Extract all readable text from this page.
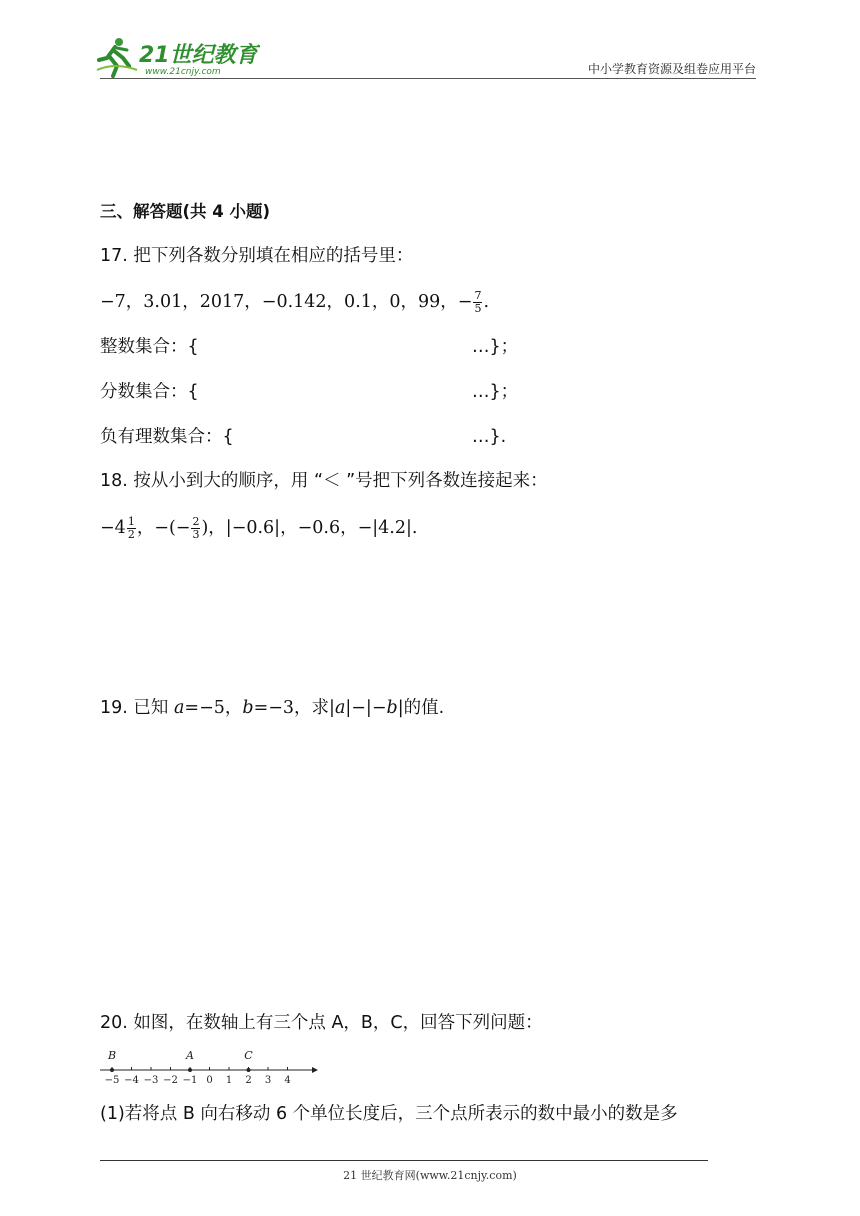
21世纪教育
www.21cnjy.com	中小学教育资源及组卷应用平台
三、解答题(共 4 小题)
17. 把下列各数分别填在相应的括号里：
−7，3.01，2017，−0.142，0.1，0，99，− $\frac{7}{5}$ .
整数集合：{	…}；
分数集合：{	…}；
负有理数集合：{	…}.
18. 按从小到大的顺序，用 “＜ ”号把下列各数连接起来：
$-4 \frac{1}{2}$ ，−(− $\frac{2}{3}$ )，|−0.6|，−0.6，−|4.2|.
19. 已知 a=−5，b=−3，求|a|−|−b|的值.
20. 如图，在数轴上有三个点 A，B，C，回答下列问题：
−5 −4 −3 −2 −1 0 1 2 3 4
B	A	C
(1)若将点 B 向右移动 6 个单位长度后，三个点所表示的数中最小的数是多
21 世纪教育网(www.21cnjy.com)
